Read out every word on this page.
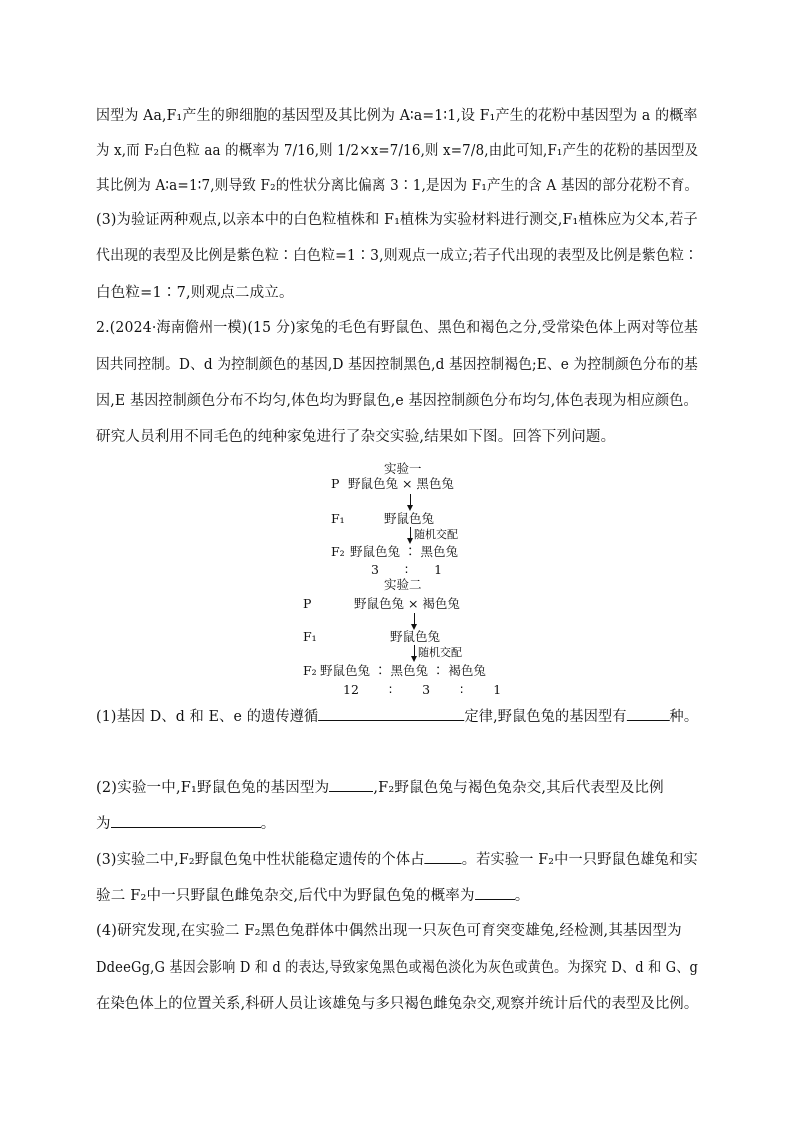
因型为 Aa,F₁产生的卵细胞的基因型及其比例为 A∶a=1∶1,设 F₁产生的花粉中基因型为 a 的概率
为 x,而 F₂白色粒 aa 的概率为 7/16,则 1/2×x=7/16,则 x=7/8,由此可知,F₁产生的花粉的基因型及
其比例为 A∶a=1∶7,则导致 F₂的性状分离比偏离 3∶1,是因为 F₁产生的含 A 基因的部分花粉不育。
(3)为验证两种观点,以亲本中的白色粒植株和 F₁植株为实验材料进行测交,F₁植株应为父本,若子
代出现的表型及比例是紫色粒∶白色粒=1∶3,则观点一成立;若子代出现的表型及比例是紫色粒∶
白色粒=1∶7,则观点二成立。
2.(2024·海南儋州一模)(15 分)家兔的毛色有野鼠色、黑色和褐色之分,受常染色体上两对等位基
因共同控制。D、d 为控制颜色的基因,D 基因控制黑色,d 基因控制褐色;E、e 为控制颜色分布的基
因,E 基因控制颜色分布不均匀,体色均为野鼠色,e 基因控制颜色分布均匀,体色表现为相应颜色。
研究人员利用不同毛色的纯种家兔进行了杂交实验,结果如下图。回答下列问题。
实验一
P 野鼠色兔 × 黑色兔
F₁	野鼠色兔
随机交配
F₂ 野鼠色兔 ∶ 黑色兔
3 ∶ 1
实验二
P	野鼠色兔 × 褐色兔
F₁	野鼠色兔
随机交配
F₂ 野鼠色兔 ∶ 黑色兔 ∶ 褐色兔
12 ∶ 3 ∶ 1
(1)基因 D、d 和 E、e 的遗传遵循	定律,野鼠色兔的基因型有	种。
(2)实验一中,F₁野鼠色兔的基因型为	,F₂野鼠色兔与褐色兔杂交,其后代表型及比例
为	。
(3)实验二中,F₂野鼠色兔中性状能稳定遗传的个体占	。若实验一 F₂中一只野鼠色雄兔和实
验二 F₂中一只野鼠色雌兔杂交,后代中为野鼠色兔的概率为	。
(4)研究发现,在实验二 F₂黑色兔群体中偶然出现一只灰色可育突变雄兔,经检测,其基因型为
DdeeGg,G 基因会影响 D 和 d 的表达,导致家兔黑色或褐色淡化为灰色或黄色。为探究 D、d 和 G、g
在染色体上的位置关系,科研人员让该雄兔与多只褐色雌兔杂交,观察并统计后代的表型及比例。
